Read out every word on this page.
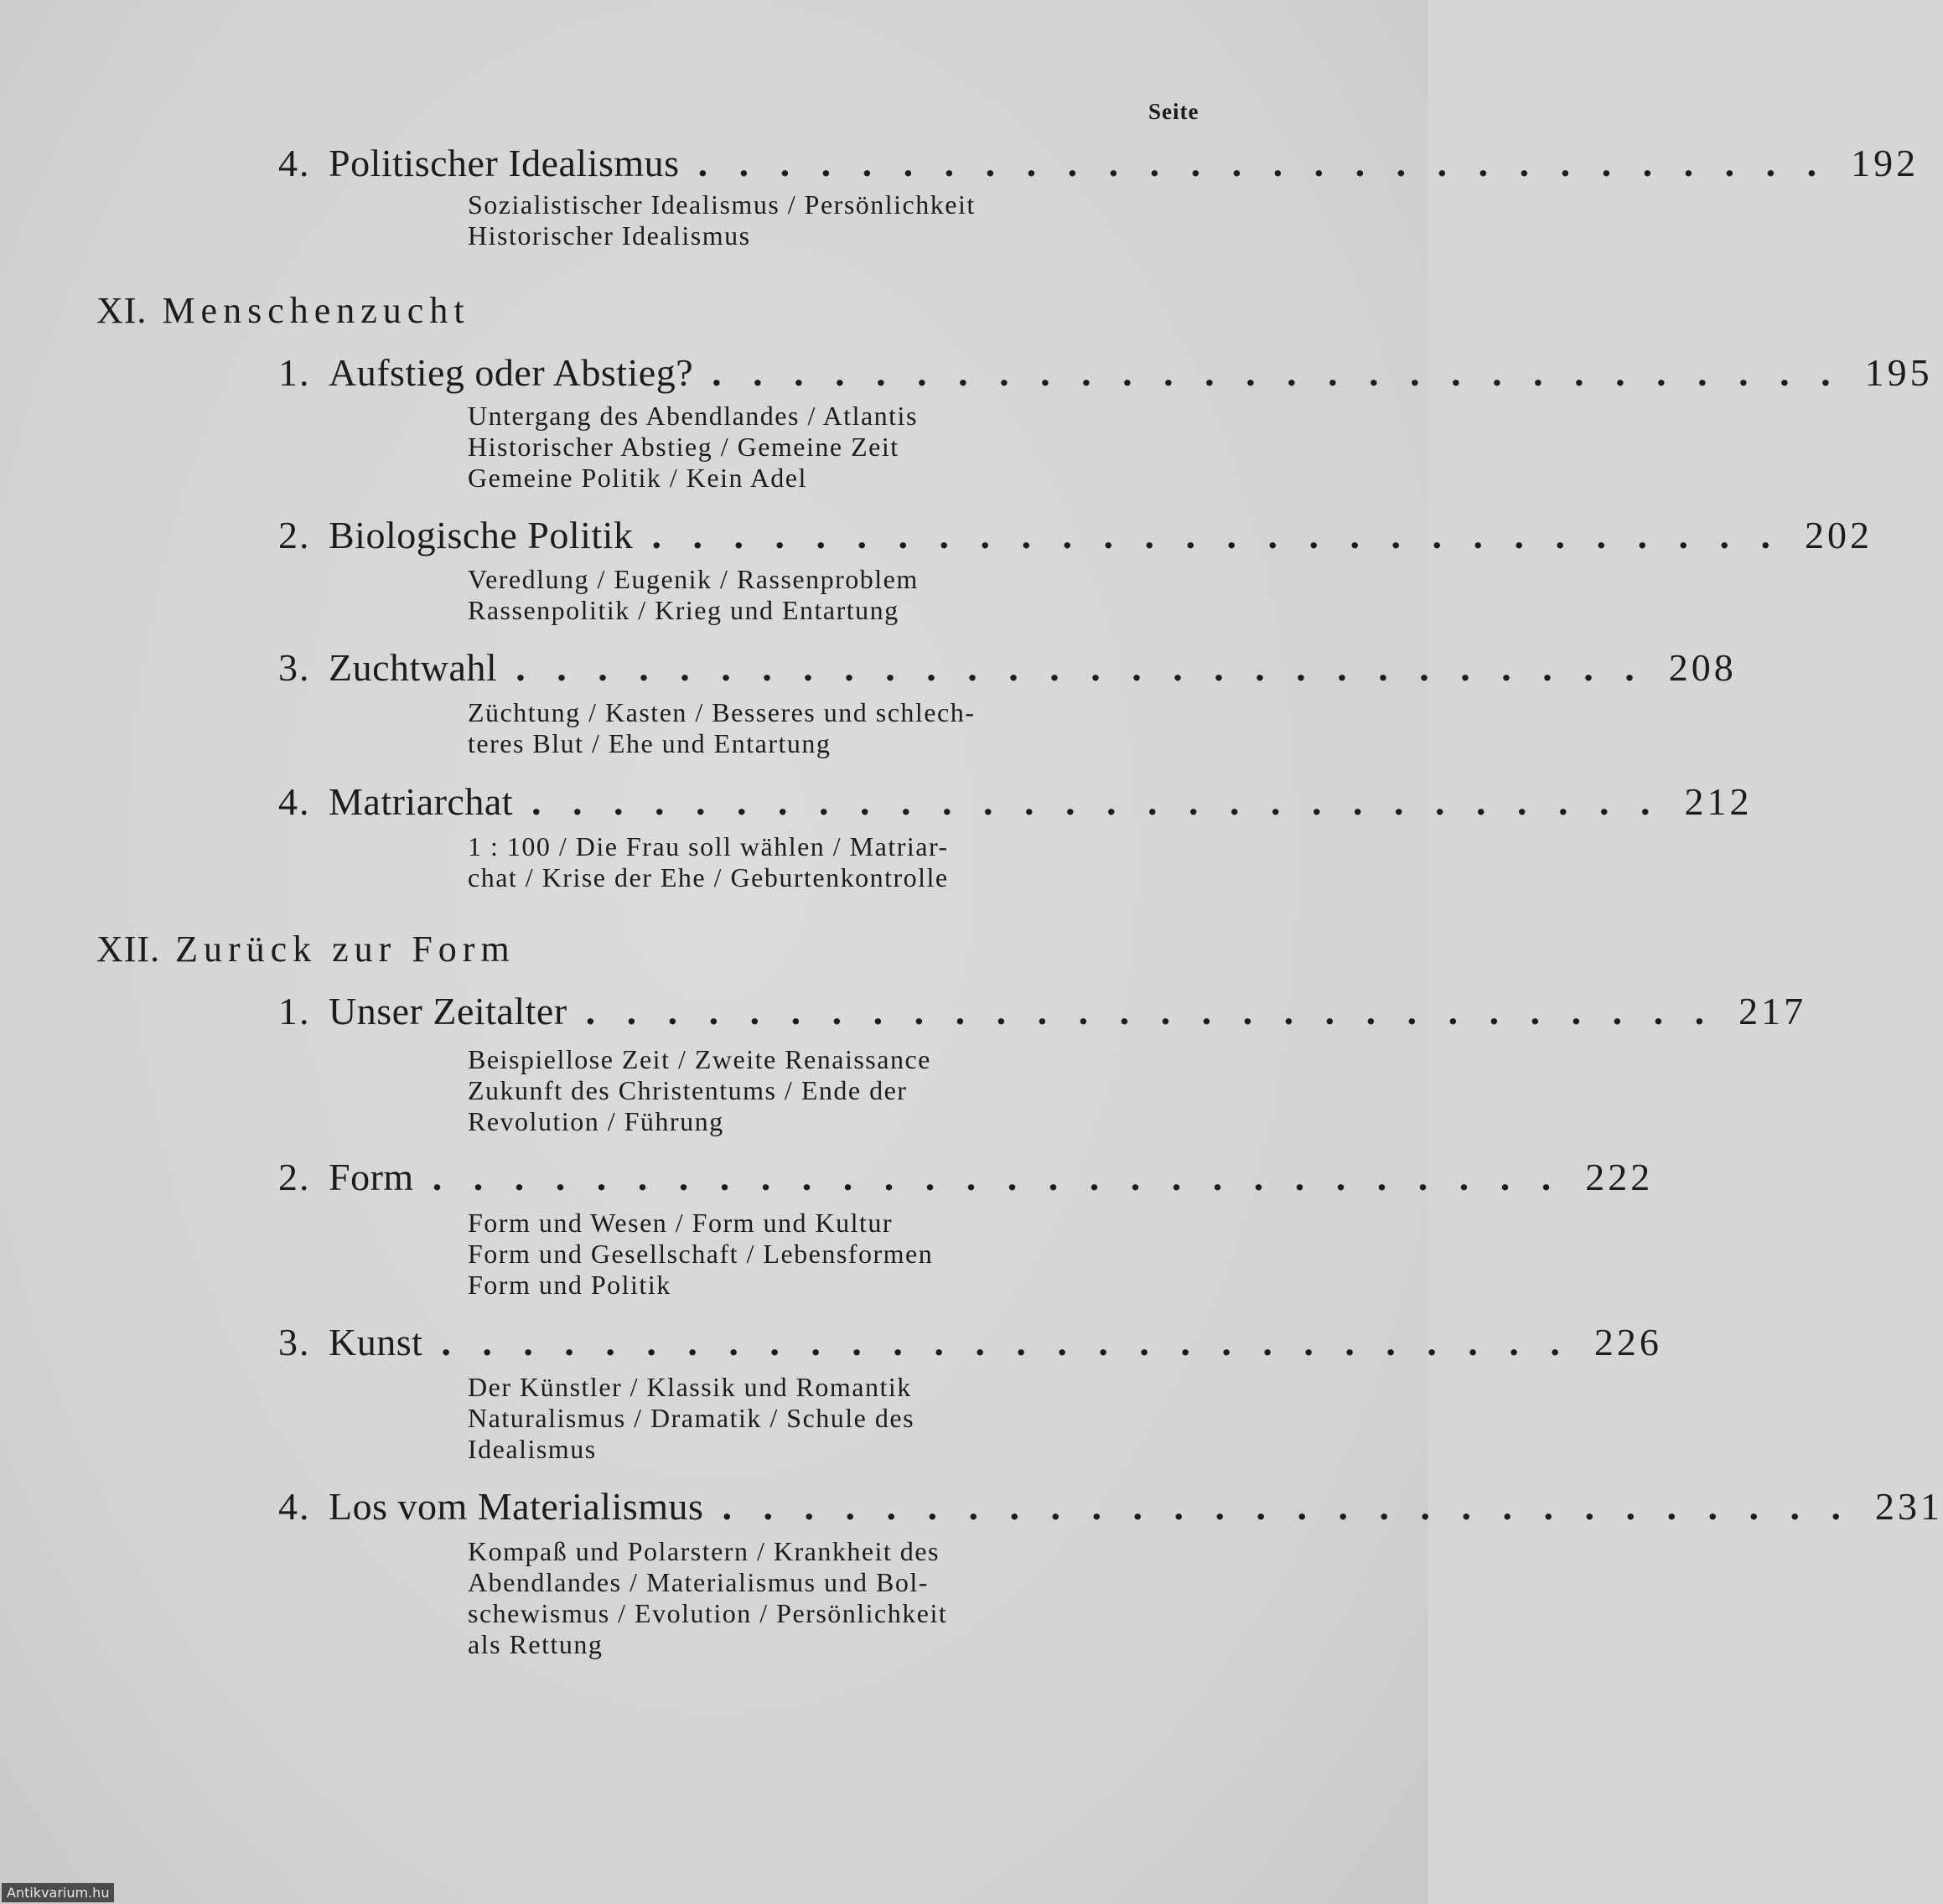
Seite
4. Politischer Idealismus . . . . . . . . . . . . . . . . . . . . . . . . . . . . 192
Sozialistischer Idealismus / Persönlichkeit
Historischer Idealismus
XI. Menschenzucht
1. Aufstieg oder Abstieg? . . . . . . . . . . . . . . . . . . . . . . . . . . . . 195
Untergang des Abendlandes / Atlantis
Historischer Abstieg / Gemeine Zeit
Gemeine Politik / Kein Adel
2. Biologische Politik . . . . . . . . . . . . . . . . . . . . . . . . . . . . 202
Veredlung / Eugenik / Rassenproblem
Rassenpolitik / Krieg und Entartung
3. Zuchtwahl . . . . . . . . . . . . . . . . . . . . . . . . . . . . 208
Züchtung / Kasten / Besseres und schlech-
teres Blut / Ehe und Entartung
4. Matriarchat . . . . . . . . . . . . . . . . . . . . . . . . . . . . 212
1 : 100 / Die Frau soll wählen / Matriar-
chat / Krise der Ehe / Geburtenkontrolle
XII. Zurück zur Form
1. Unser Zeitalter . . . . . . . . . . . . . . . . . . . . . . . . . . . . 217
Beispiellose Zeit / Zweite Renaissance
Zukunft des Christentums / Ende der
Revolution / Führung
2. Form . . . . . . . . . . . . . . . . . . . . . . . . . . . . 222
Form und Wesen / Form und Kultur
Form und Gesellschaft / Lebensformen
Form und Politik
3. Kunst . . . . . . . . . . . . . . . . . . . . . . . . . . . . 226
Der Künstler / Klassik und Romantik
Naturalismus / Dramatik / Schule des
Idealismus
4. Los vom Materialismus . . . . . . . . . . . . . . . . . . . . . . . . . . . . 231
Kompaß und Polarstern / Krankheit des
Abendlandes / Materialismus und Bol-
schewismus / Evolution / Persönlichkeit
als Rettung
Antikvarium.hu
